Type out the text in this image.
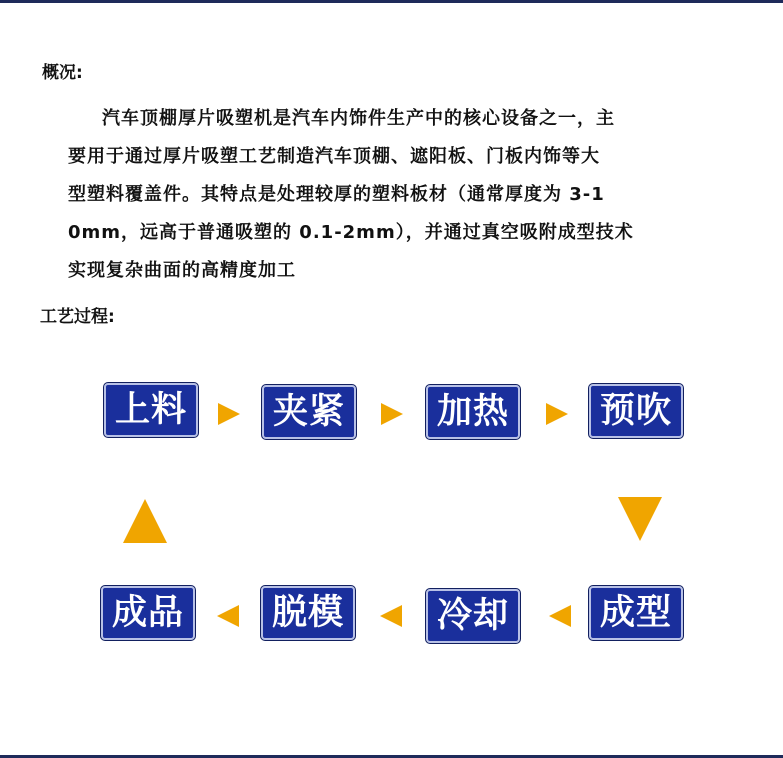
概况:
汽车顶棚厚片吸塑机是汽车内饰件生产中的核心设备之一，主
要用于通过厚片吸塑工艺制造汽车顶棚、遮阳板、门板内饰等大
型塑料覆盖件。其特点是处理较厚的塑料板材（通常厚度为 3-1
0mm，远高于普通吸塑的 0.1-2mm），并通过真空吸附成型技术
实现复杂曲面的高精度加工
工艺过程:
上料	夹紧	加热	预吹
成品	脱模	冷却	成型
